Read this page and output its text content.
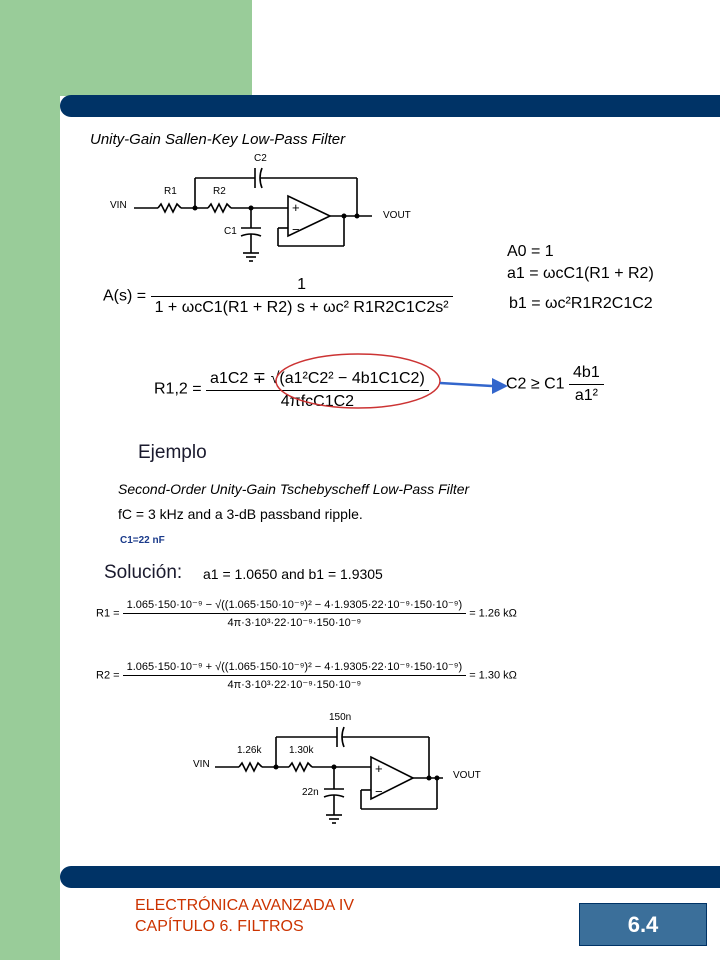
Unity-Gain Sallen-Key Low-Pass Filter
C2
R1	R2
C1
VIN
VOUT
+
−
A0 = 1
a1 = ωcC1(R1 + R2)
b1 = ωc²R1R2C1C2
$A(s) = \frac{1}{\text{1 + ωcC1(R1 + R2) s + ωc² R1R2C1C2s²}}$
$R1,2 = \frac{\text{a1C2 ∓ √(a1²C2² − 4b1C1C2)}}{\text{4πfcC1C2}}$	$C2 \ge C1 \frac{4b1}{\text{a1²}}$
Ejemplo
Second-Order Unity-Gain Tschebyscheff Low-Pass Filter
fC = 3 kHz and a 3-dB passband ripple.
C1=22 nF
Solución: a1 = 1.0650 and b1 = 1.9305
R1 =
1.065·150·10⁻⁹ − √((1.065·150·10⁻⁹)² − 4·1.9305·22·10⁻⁹·150·10⁻⁹)
4π·3·10³·22·10⁻⁹·150·10⁻⁹
= 1.26 kΩ
R2 =
1.065·150·10⁻⁹ + √((1.065·150·10⁻⁹)² − 4·1.9305·22·10⁻⁹·150·10⁻⁹)
4π·3·10³·22·10⁻⁹·150·10⁻⁹
= 1.30 kΩ
150n
1.26k	1.30k
22n
VIN
VOUT
+
−
ELECTRÓNICA AVANZADA IV
CAPÍTULO 6. FILTROS	6.4
